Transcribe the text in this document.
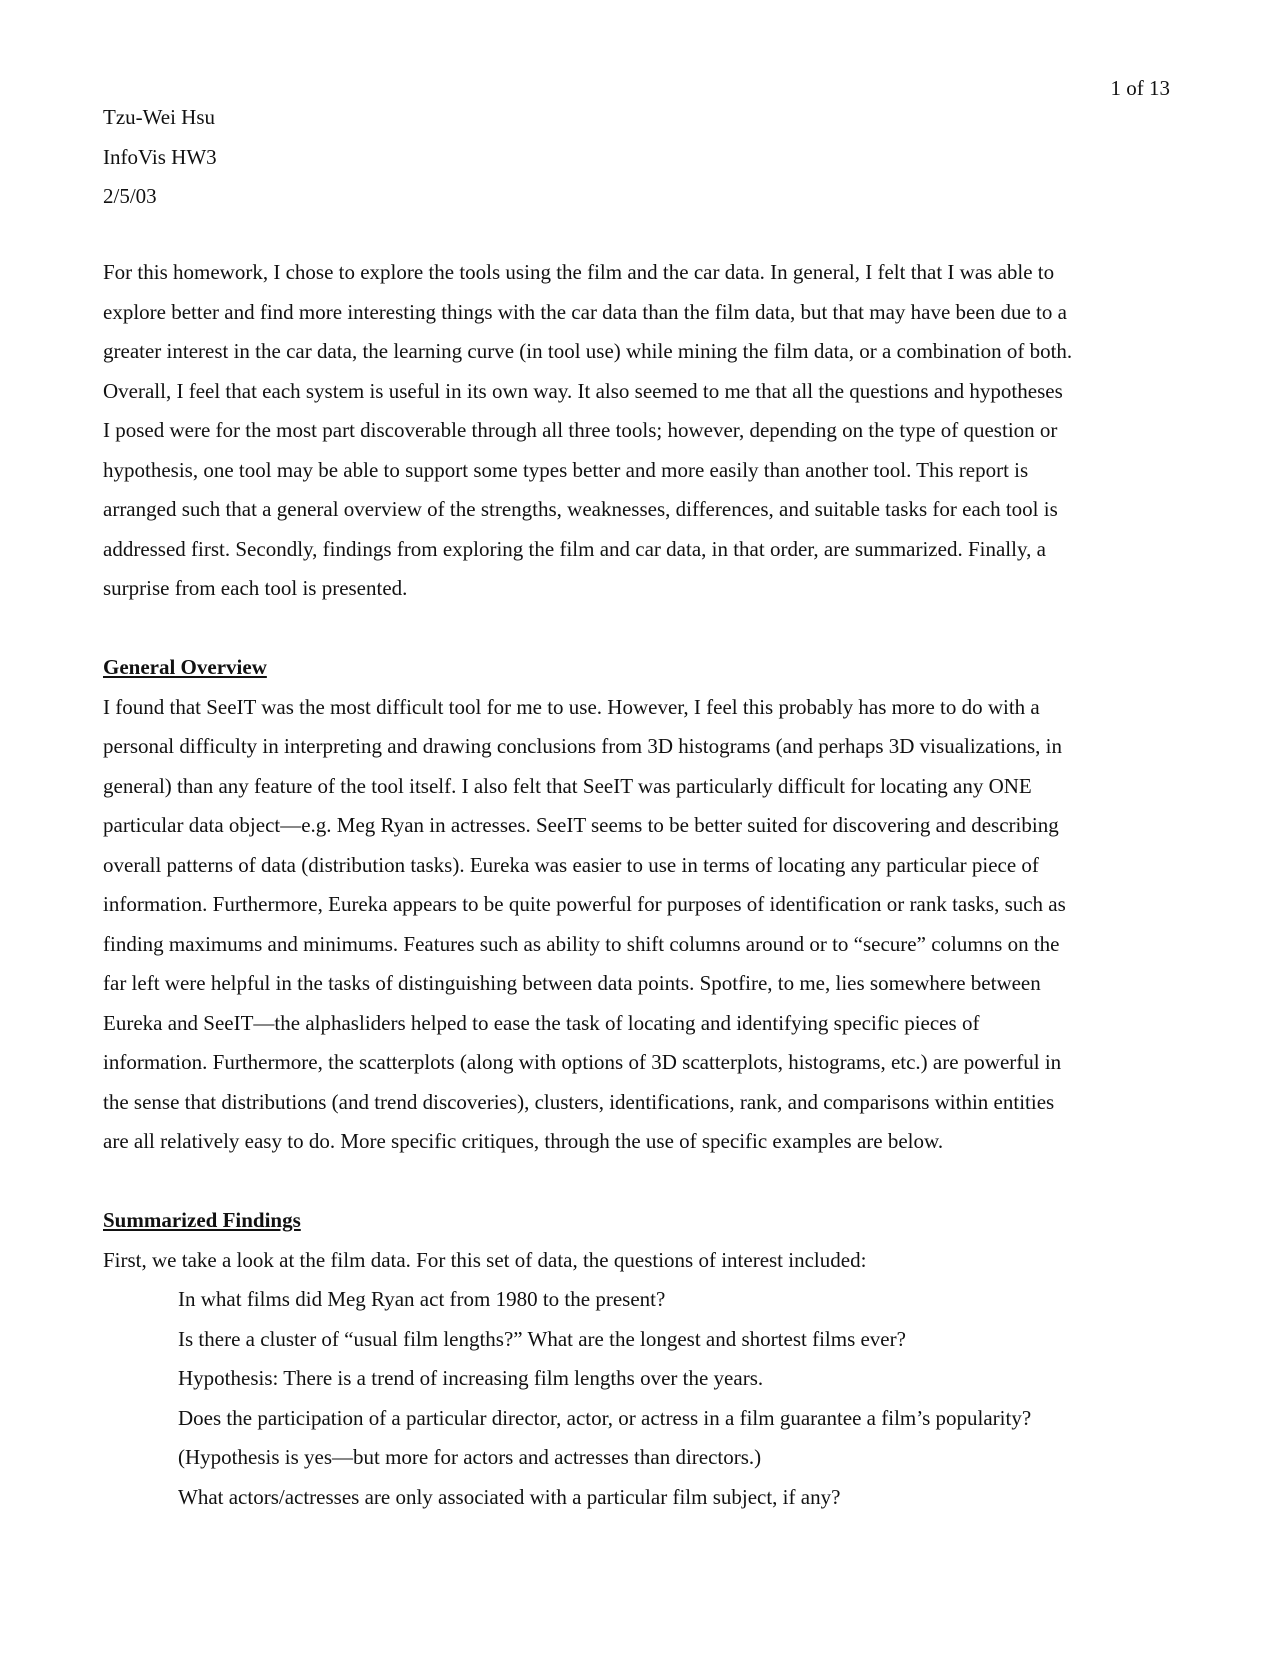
1 of 13
Tzu-Wei Hsu
InfoVis HW3
2/5/03
For this homework, I chose to explore the tools using the film and the car data. In general, I felt that I was able to
explore better and find more interesting things with the car data than the film data, but that may have been due to a
greater interest in the car data, the learning curve (in tool use) while mining the film data, or a combination of both.
Overall, I feel that each system is useful in its own way. It also seemed to me that all the questions and hypotheses
I posed were for the most part discoverable through all three tools; however, depending on the type of question or
hypothesis, one tool may be able to support some types better and more easily than another tool. This report is
arranged such that a general overview of the strengths, weaknesses, differences, and suitable tasks for each tool is
addressed first. Secondly, findings from exploring the film and car data, in that order, are summarized. Finally, a
surprise from each tool is presented.
General Overview
I found that SeeIT was the most difficult tool for me to use. However, I feel this probably has more to do with a
personal difficulty in interpreting and drawing conclusions from 3D histograms (and perhaps 3D visualizations, in
general) than any feature of the tool itself. I also felt that SeeIT was particularly difficult for locating any ONE
particular data object—e.g. Meg Ryan in actresses. SeeIT seems to be better suited for discovering and describing
overall patterns of data (distribution tasks). Eureka was easier to use in terms of locating any particular piece of
information. Furthermore, Eureka appears to be quite powerful for purposes of identification or rank tasks, such as
finding maximums and minimums. Features such as ability to shift columns around or to “secure” columns on the
far left were helpful in the tasks of distinguishing between data points. Spotfire, to me, lies somewhere between
Eureka and SeeIT—the alphasliders helped to ease the task of locating and identifying specific pieces of
information. Furthermore, the scatterplots (along with options of 3D scatterplots, histograms, etc.) are powerful in
the sense that distributions (and trend discoveries), clusters, identifications, rank, and comparisons within entities
are all relatively easy to do. More specific critiques, through the use of specific examples are below.
Summarized Findings
First, we take a look at the film data. For this set of data, the questions of interest included:
In what films did Meg Ryan act from 1980 to the present?
Is there a cluster of “usual film lengths?” What are the longest and shortest films ever?
Hypothesis: There is a trend of increasing film lengths over the years.
Does the participation of a particular director, actor, or actress in a film guarantee a film’s popularity?
(Hypothesis is yes—but more for actors and actresses than directors.)
What actors/actresses are only associated with a particular film subject, if any?
